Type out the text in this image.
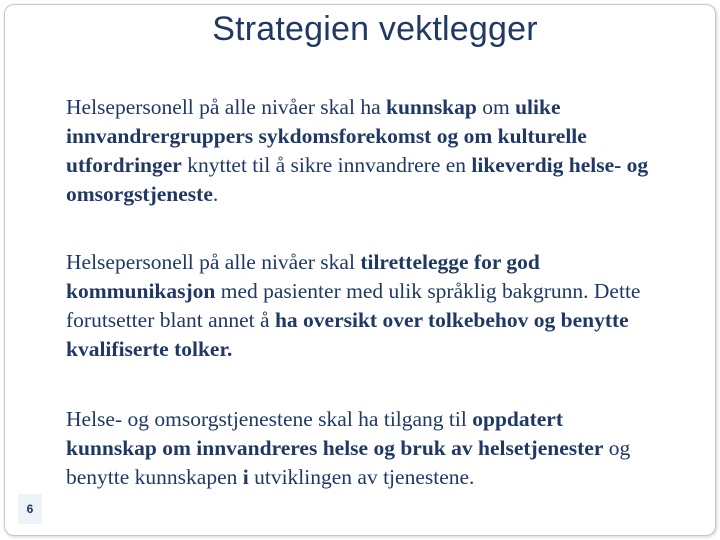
Strategien vektlegger
Helsepersonell på alle nivåer skal ha kunnskap om ulike
innvandrergruppers sykdomsforekomst og om kulturelle utfordringer knyttet til å sikre innvandrere en likeverdig helse- og omsorgstjeneste.
Helsepersonell på alle nivåer skal tilrettelegge for god
kommunikasjon med pasienter med ulik språklig bakgrunn. Dette forutsetter blant annet å ha oversikt over tolkebehov og benytte kvalifiserte tolker.
Helse- og omsorgstjenestene skal ha tilgang til oppdatert
kunnskap om innvandreres helse og bruk av helsetjenester og benytte kunnskapen i utviklingen av tjenestene.
6
